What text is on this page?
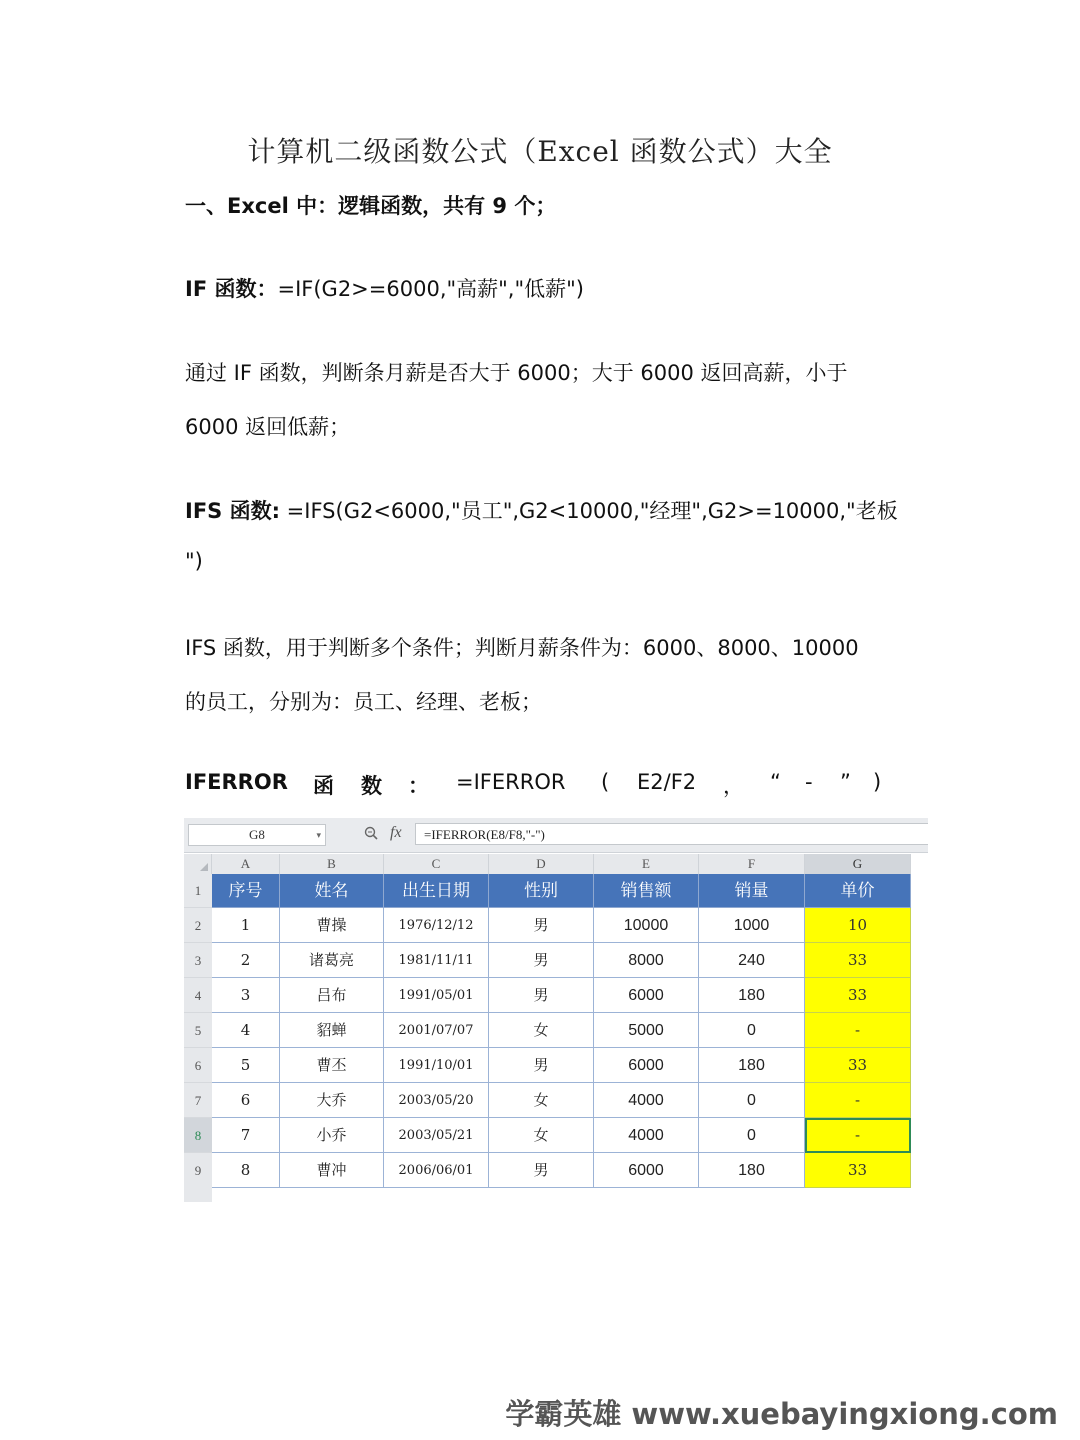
计算机二级函数公式（Excel 函数公式）大全
一、Excel 中：逻辑函数，共有 9 个；
IF 函数：=IF(G2>=6000,"高薪","低薪")
通过 IF 函数，判断条月薪是否大于 6000；大于 6000 返回高薪，小于
6000 返回低薪；
IFS 函数: =IFS(G2<6000,"员工",G2<10000,"经理",G2>=10000,"老板
")
IFS 函数，用于判断多个条件；判断月薪条件为：6000、8000、10000
的员工，分别为：员工、经理、老板；
IFERROR 函 数 ： =IFERROR ( E2/F2 ， “ - ” )
G8	▾	fx	=IFERROR(E8/F8,"-")
A	B	C	D	E	F	G
1
2
3
4
5
6
7
8
9
序号	姓名	出生日期	性别	销售额	销量	单价
1	曹操	1976/12/12	男	10000	1000	10
2	诸葛亮	1981/11/11	男	8000	240	33
3	吕布	1991/05/01	男	6000	180	33
4	貂蝉	2001/07/07	女	5000	0	-
5	曹丕	1991/10/01	男	6000	180	33
6	大乔	2003/05/20	女	4000	0	-
7	小乔	2003/05/21	女	4000	0	-
8	曹冲	2006/06/01	男	6000	180	33
学霸英雄 www.xuebayingxiong.com
